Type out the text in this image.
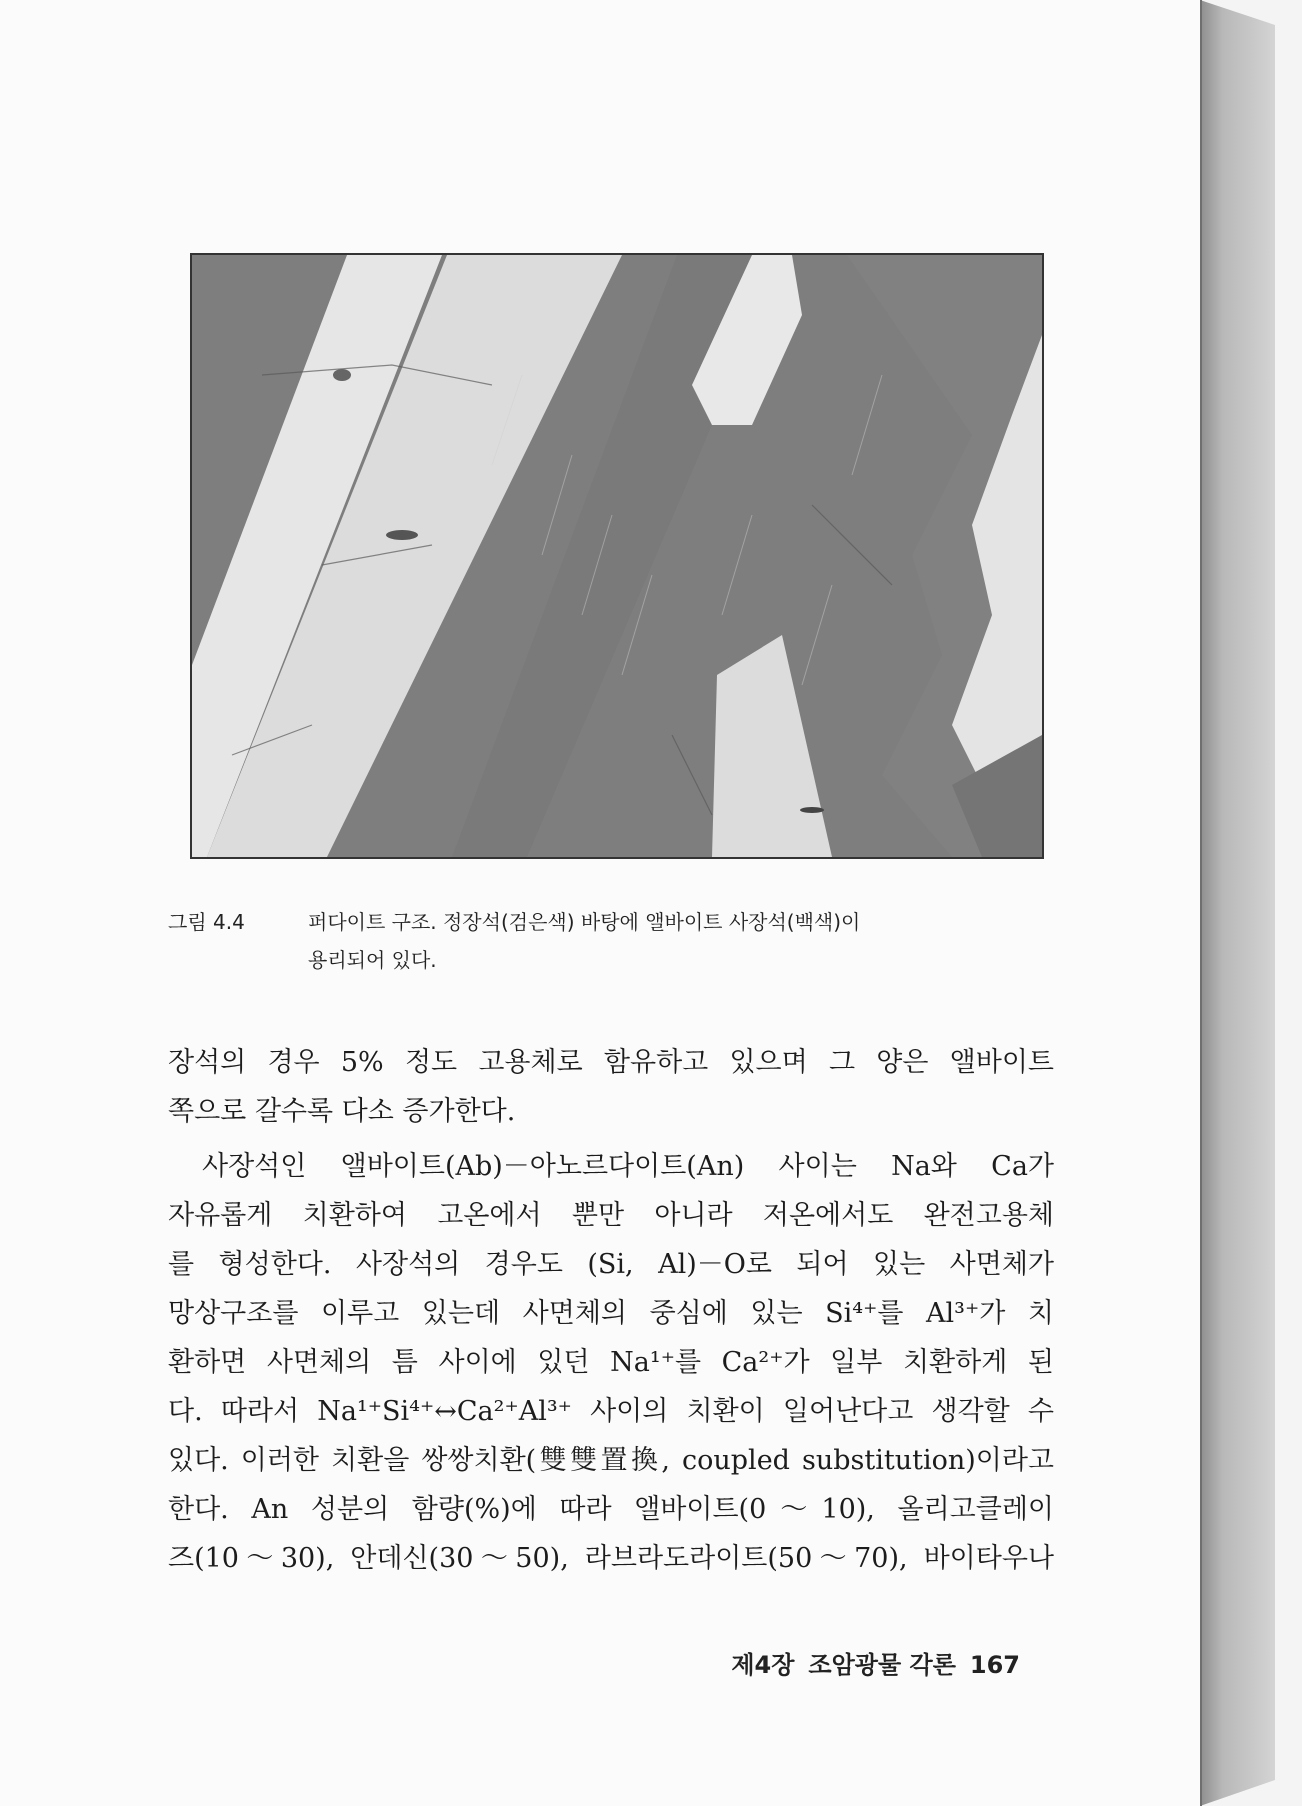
그림 4.4	퍼다이트 구조. 정장석(검은색) 바탕에 앨바이트 사장석(백색)이
용리되어 있다.

장석의 경우 5% 정도 고용체로 함유하고 있으며 그 양은 앨바이트
쪽으로 갈수록 다소 증가한다.

사장석인 앨바이트(Ab)－아노르다이트(An) 사이는 Na와 Ca가
자유롭게 치환하여 고온에서 뿐만 아니라 저온에서도 완전고용체
를 형성한다. 사장석의 경우도 (Si, Al)－O로 되어 있는 사면체가
망상구조를 이루고 있는데 사면체의 중심에 있는 Si⁴⁺를 Al³⁺가 치
환하면 사면체의 틈 사이에 있던 Na¹⁺를 Ca²⁺가 일부 치환하게 된
다. 따라서 Na¹⁺Si⁴⁺↔Ca²⁺Al³⁺ 사이의 치환이 일어난다고 생각할 수
있다. 이러한 치환을 쌍쌍치환(雙雙置換, coupled substitution)이라고
한다. An 성분의 함량(%)에 따라 앨바이트(0～10), 올리고클레이
즈(10～30), 안데신(30～50), 라브라도라이트(50～70), 바이타우나

제4장 조암광물 각론 167
